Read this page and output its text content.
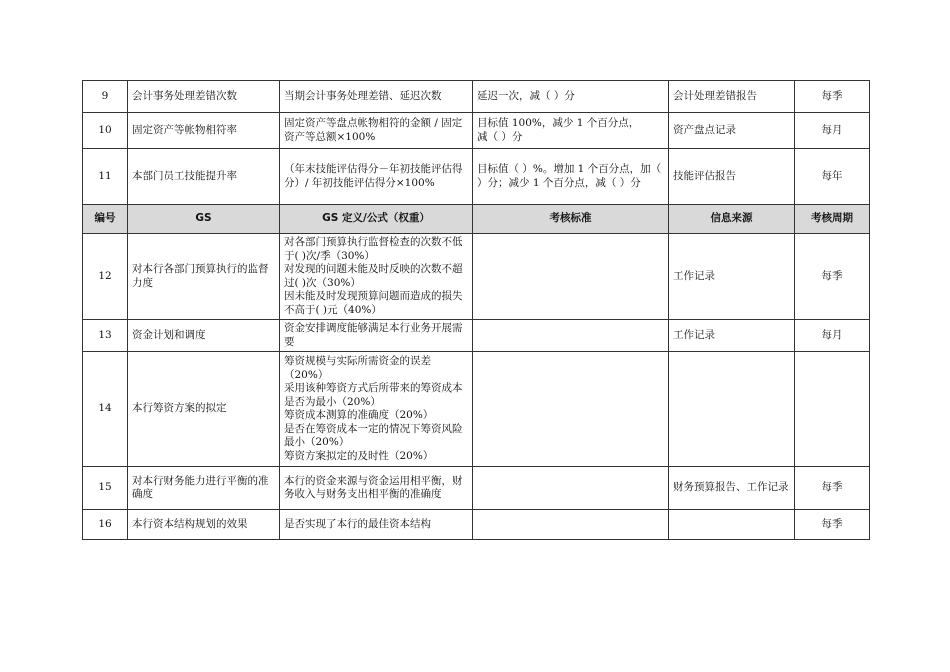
9	会计事务处理差错次数	当期会计事务处理差错、延迟次数	延迟一次，减（ ）分	会计处理差错报告	每季
10	固定资产等帐物相符率	固定资产等盘点帐物相符的金额 / 固定资产等总额×100%	目标值 100%，减少 1 个百分点，
减（ ）分	资产盘点记录	每月
11	本部门员工技能提升率	（年末技能评估得分－年初技能评估得分）/ 年初技能评估得分×100%	目标值（ ）%。增加 1 个百分点，加（ ）分；减少 1 个百分点，减（ ）分	技能评估报告	每年
编号	GS	GS 定义/公式（权重）	考核标准	信息来源	考核周期
12	对本行各部门预算执行的监督力度	对各部门预算执行监督检查的次数不低于( )次/季（30%）
对发现的问题未能及时反映的次数不超过( )次（30%）
因未能及时发现预算问题而造成的损失不高于( )元（40%）		工作记录	每季
13	资金计划和调度	资金安排调度能够满足本行业务开展需要		工作记录	每月
14	本行筹资方案的拟定	筹资规模与实际所需资金的误差（20%）
采用该种筹资方式后所带来的筹资成本是否为最小（20%）
筹资成本测算的准确度（20%）
是否在筹资成本一定的情况下筹资风险最小（20%）
筹资方案拟定的及时性（20%）			
15	对本行财务能力进行平衡的准确度	本行的资金来源与资金运用相平衡，财务收入与财务支出相平衡的准确度		财务预算报告、工作记录	每季
16	本行资本结构规划的效果	是否实现了本行的最佳资本结构			每季
